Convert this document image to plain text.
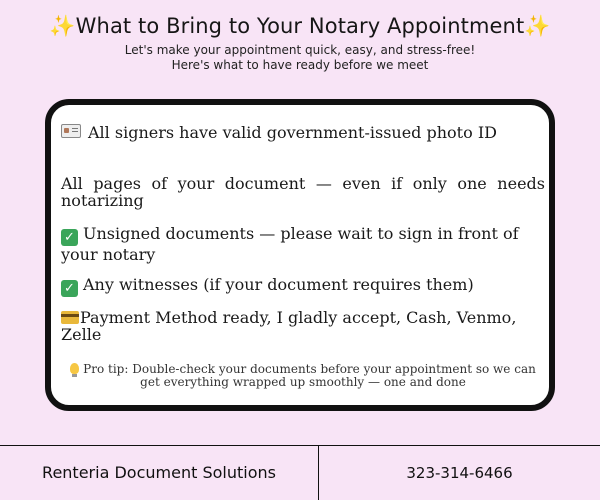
✨What to Bring to Your Notary Appointment✨
Let's make your appointment quick, easy, and stress-free!
Here's what to have ready before we meet
All signers have valid government-issued photo ID
All pages of your document — even if only one needs notarizing
✓ Unsigned documents — please wait to sign in front of your notary
✓ Any witnesses (if your document requires them)
Payment Method ready, I gladly accept, Cash, Venmo, Zelle
Pro tip: Double-check your documents before your appointment so we can get everything wrapped up smoothly — one and done
Renteria Document Solutions	323-314-6466
